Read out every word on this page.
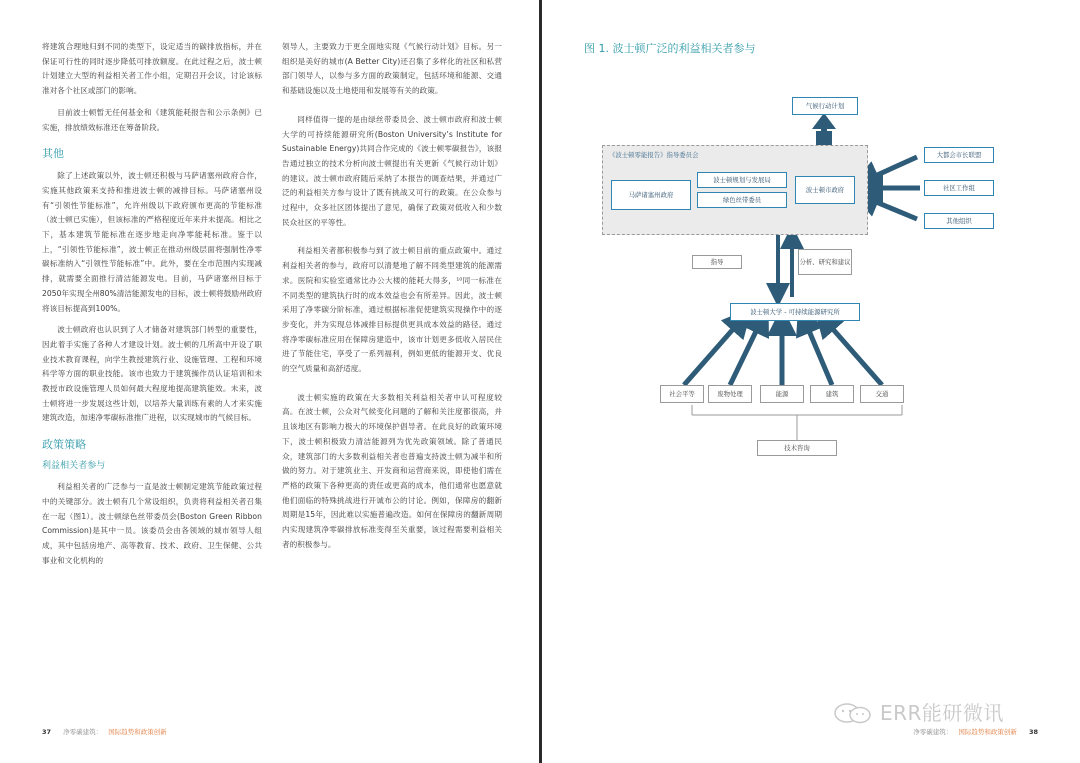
将建筑合理地归到不同的类型下，设定适当的碳排放指标，并在保证可行性的同时逐步降低可排放额度。在此过程之后，波士顿计划建立大型的利益相关者工作小组，定期召开会议，讨论该标准对各个社区或部门的影响。

目前波士顿暂无任何基金和《建筑能耗报告和公示条例》已实施，排放绩效标准还在筹备阶段。

其他

除了上述政策以外，波士顿还积极与马萨诸塞州政府合作，实施其他政策来支持和推进波士顿的减排目标。马萨诸塞州设有“引领性节能标准”，允许州级以下政府颁布更高的节能标准（波士顿已实施），但该标准的严格程度近年来并未提高。相比之下，基本建筑节能标准在逐步地走向净零能耗标准。鉴于以上，“引领性节能标准”，波士顿正在推动州级层面将强制性净零碳标准纳入“引领性节能标准”中。此外，要在全市范围内实现减排，就需要全面推行清洁能源发电。目前，马萨诸塞州目标于2050年实现全州80%清洁能源发电的目标，波士顿将鼓励州政府将该目标提高到100%。

波士顿政府也认识到了人才储备对建筑部门转型的重要性，因此着手实施了各种人才建设计划。波士顿的几所高中开设了职业技术教育课程，向学生教授建筑行业、设施管理、工程和环境科学等方面的职业技能。该市也致力于建筑操作员认证培训和未教授市政设施管理人员如何最大程度地提高建筑能效。未来，波士顿将进一步发展这些计划，以培养大量训练有素的人才来实施建筑改造，加速净零碳标准推广进程，以实现城市的气候目标。

政策策略
利益相关者参与

利益相关者的广泛参与一直是波士顿制定建筑节能政策过程中的关键部分。波士顿有几个常设组织，负责将利益相关者召集在一起（图1）。波士顿绿色丝带委员会(Boston Green Ribbon Commission)是其中一员。该委员会由各领域的城市领导人组成，其中包括房地产、高等教育、技术、政府、卫生保健、公共事业和文化机构的

领导人，主要致力于更全面地实现《气候行动计划》目标。另一组织是美好的城市(A Better City)还召集了多样化的社区和私营部门领导人，以参与多方面的政策制定，包括环境和能源、交通和基础设施以及土地使用和发展等有关的政策。

同样值得一提的是由绿丝带委员会、波士顿市政府和波士顿大学的可持续能源研究所(Boston University’s Institute for Sustainable Energy)共同合作完成的《波士顿零碳报告》，该报告通过独立的技术分析向波士顿提出有关更新《气候行动计划》的建议。波士顿市政府随后采纳了本报告的调查结果，并通过广泛的利益相关方参与设计了既有挑战又可行的政策。在公众参与过程中，众多社区团体提出了意见，确保了政策对低收入和少数民众社区的平等性。

利益相关者都积极参与到了波士顿目前的重点政策中。通过利益相关者的参与，政府可以清楚地了解不同类型建筑的能源需求。医院和实验室通常比办公大楼的能耗大得多，¹⁰同一标准在不同类型的建筑执行时的成本效益也会有所差异。因此，波士顿采用了净零碳分阶标准，通过根据标准促使建筑实现操作中的逐步变化，并为实现总体减排目标提供更具成本效益的路径。通过将净零碳标准应用在保障房建造中，该市计划更多低收入居民住进了节能住宅，享受了一系列福利，例如更低的能源开支、优良的空气质量和高舒适度。

波士顿实施的政策在大多数相关利益相关者中认可程度较高。在波士顿，公众对气候变化问题的了解和关注度都很高，并且该地区有影响力极大的环境保护倡导者。在此良好的政策环境下，波士顿积极致力清洁能源列为优先政策领域。除了普通民众，建筑部门的大多数利益相关者也普遍支持波士顿为减半和所做的努力。对于建筑业主、开发商和运营商来说，即使他们需在严格的政策下各种更高的责任或更高的成本，他们通常也愿意就他们面临的特殊挑战进行开诚布公的讨论。例如，保障房的翻新周期是15年，因此难以实施普遍改造。如何在保障房的翻新周期内实现建筑净零碳排放标准变得至关重要，该过程需要利益相关者的积极参与。

37 净零碳建筑： 国际趋势和政策创新
图 1. 波士顿广泛的利益相关者参与
气候行动计划
《波士顿零能报告》指导委员会
马萨诸塞州政府
波士顿规划与发展局
绿色丝带委员
波士顿市政府
大都会市长联盟
社区工作组
其他组织
指导	分析、研究和建议
波士顿大学 - 可持续能源研究所
社会平等	废物处理	能源	建筑	交通
技术咨询
净零碳建筑： 国际趋势和政策创新 38
ERR能研微讯
